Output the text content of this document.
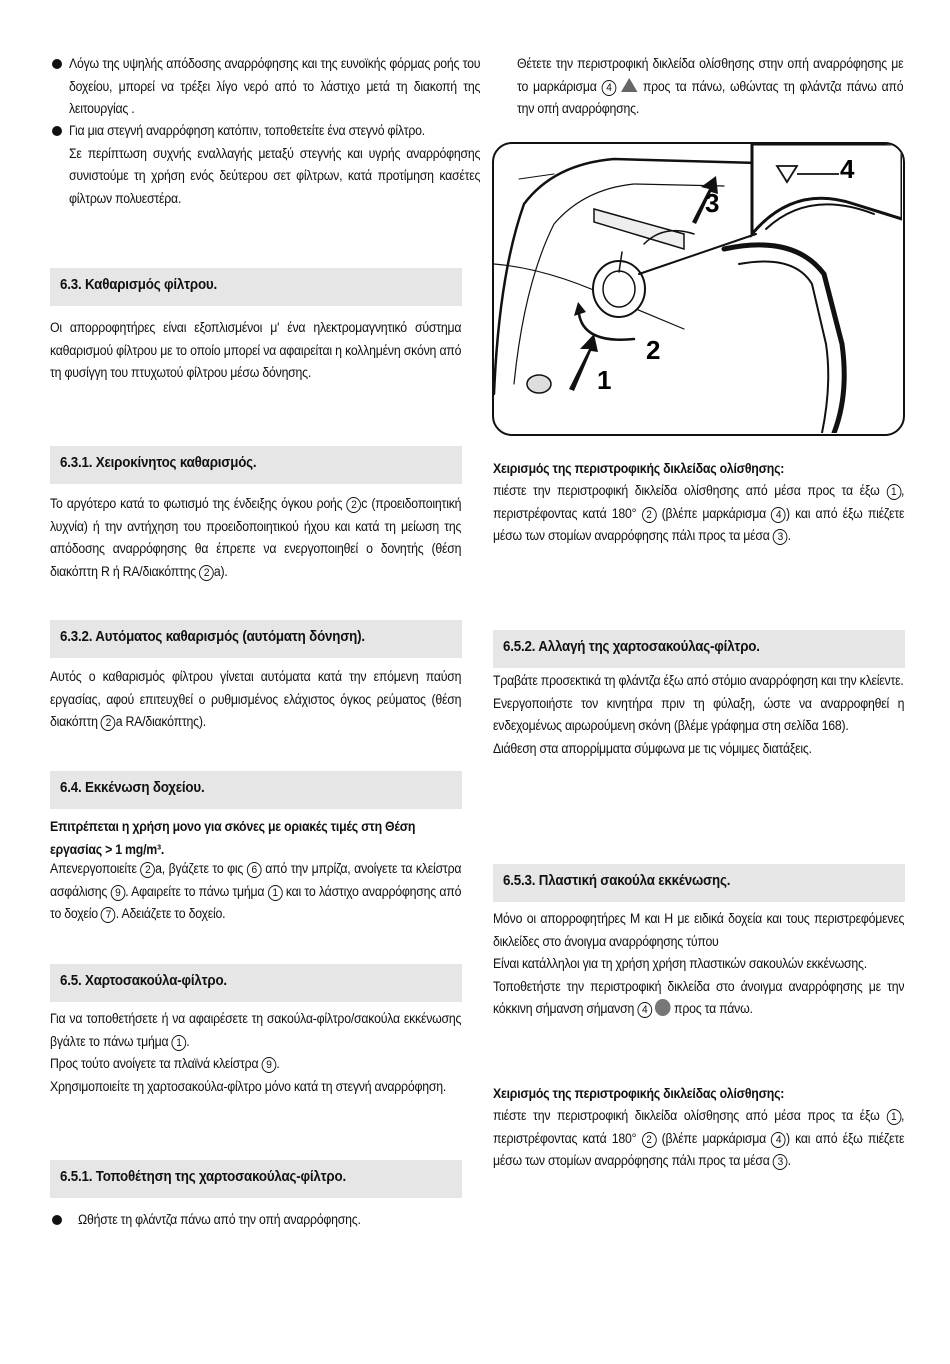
Λόγω της υψηλής απόδοσης αναρρόφησης και της ευνοϊκής φόρμας ροής του δοχείου, μπορεί να τρέξει λίγο νερό από το λάστιχο μετά τη διακοπή της λειτουργίας .
Για μια στεγνή αναρρόφηση κατόπιν, τοποθετείτε ένα στεγνό φίλτρο.
Σε περίπτωση συχνής εναλλαγής μεταξύ στεγνής και υγρής αναρρόφησης συνιστούμε τη χρήση ενός δεύτερου σετ φίλτρων, κατά προτίμηση κασέτες φίλτρων πολυεστέρα.
6.3. Καθαρισμός φίλτρου.

Οι απορροφητήρες είναι εξοπλισμένοι μ' ένα ηλεκτρομαγνητικό σύστημα καθαρισμού φίλτρου με το οποίο μπορεί να αφαιρείται η κολλημένη σκόνη από τη φυσίγγη του πτυχωτού φίλτρου μέσω δόνησης.

6.3.1. Χειροκίνητος καθαρισμός.

Το αργότερο κατά το φωτισμό της ένδειξης όγκου ροής 2 c (προειδοποιητική λυχνία) ή την αντήχηση του προειδοποιητικού ήχου και κατά τη μείωση της απόδοσης αναρρόφησης θα έπρεπε να ενεργοποιηθεί ο δονητής (θέση διακόπτη R ή RA/διακόπτης 2 a).

6.3.2. Αυτόματος καθαρισμός (αυτόματη δόνηση).

Αυτός ο καθαρισμός φίλτρου γίνεται αυτόματα κατά την επόμενη παύση εργασίας, αφού επιτευχθεί ο ρυθμισμένος ελάχιστος όγκος ρεύματος (θέση διακόπτη 2 a RA/διακόπτης).

6.4. Εκκένωση δοχείου.

Επιτρέπεται η χρήση μονο για σκόνες με οριακές τιμές στη Θέση εργασίας > 1 mg/m³.

Απενεργοποιείτε 2 a, βγάζετε το φις 6 από την μπρίζα, ανοίγετε τα κλείστρα ασφάλισης 9 . Αφαιρείτε το πάνω τμήμα 1 και το λάστιχο αναρρόφησης από το δοχείο 7 . Αδειάζετε το δοχείο.

6.5. Χαρτοσακούλα-φίλτρο.

Για να τοποθετήσετε ή να αφαιρέσετε τη σακούλα-φίλτρο/σακούλα εκκένωσης βγάλτε το πάνω τμήμα 1 .
Προς τούτο ανοίγετε τα πλαϊνά κλείστρα 9 .
Χρησιμοποιείτε τη χαρτοσακούλα-φίλτρο μόνο κατά τη στεγνή αναρρόφηση.

6.5.1. Τοποθέτηση της χαρτοσακούλας-φίλτρο.
Ωθήστε τη φλάντζα πάνω από την οπή αναρρόφησης.

Θέτετε την περιστροφική δικλείδα ολίσθησης στην οπή αναρρόφησης με το μαρκάρισμα 4 προς τα πάνω, ωθώντας τη φλάντζα πάνω από την οπή αναρρόφησης.

Χειρισμός της περιστροφικής δικλείδας ολίσθησης:

πιέστε την περιστροφική δικλείδα ολίσθησης από μέσα προς τα έξω 1 , περιστρέφοντας κατά 180° 2 (βλέπε μαρκάρισμα 4 ) και από έξω πιέζετε μέσω των στομίων αναρρόφησης πάλι προς τα μέσα 3 .

6.5.2. Αλλαγή της χαρτοσακούλας-φίλτρο.

Τραβάτε προσεκτικά τη φλάντζα έξω από στόμιο αναρρόφηση και την κλείεντε.
Ενεργοποιήστε τον κινητήρα πριν τη φύλαξη, ώστε να αναρροφηθεί η ενδεχομένως αιρωρούμενη σκόνη (βλέμε γράφημα στη σελίδα 168).
Διάθεση στα απορρίμματα σύμφωνα με τις νόμιμες διατάξεις.

6.5.3. Πλαστική σακούλα εκκένωσης.

Μόνο οι απορροφητήρες M και H με ειδικά δοχεία και τους περιστρεφόμενες δικλείδες στο άνοιγμα αναρρόφησης τύπου
Είναι κατάλληλοι για τη χρήση χρήση πλαστικών σακουλών εκκένωσης.
Τοποθετήστε την περιστροφική δικλείδα στο άνοιγμα αναρρόφησης με την κόκκινη σήμανση σήμανση 4 προς τα πάνω.

Χειρισμός της περιστροφικής δικλείδας ολίσθησης:

πιέστε την περιστροφική δικλείδα ολίσθησης από μέσα προς τα έξω 1 , περιστρέφοντας κατά 180° 2 (βλέπε μαρκάρισμα 4 ) και από έξω πιέζετε μέσω των στομίων αναρρόφησης πάλι προς τα μέσα 3 .

1
2
3
4
